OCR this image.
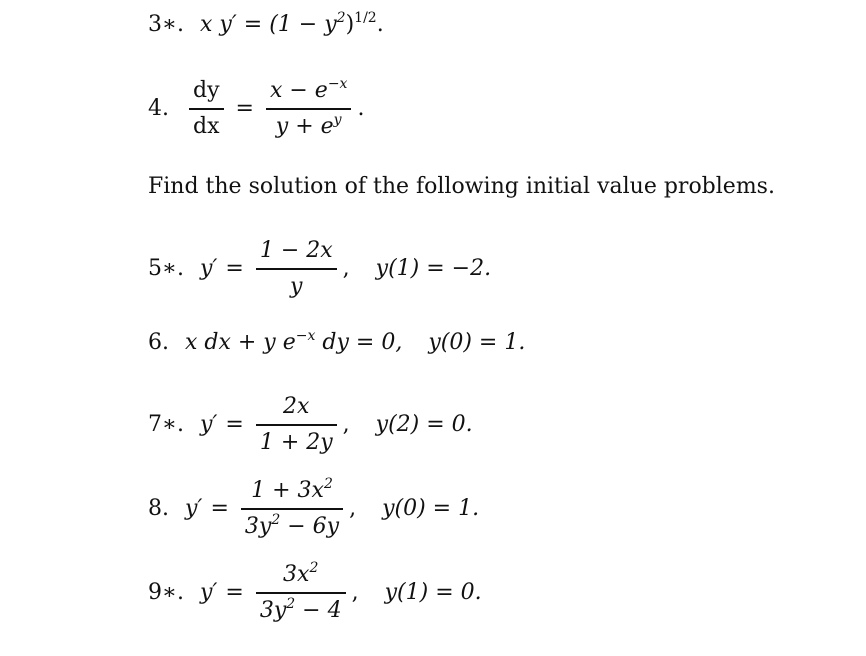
3∗. x $y' = (1 - y^2)^{1/2}$.
4. $\frac{dy}{dx} = \frac{x - e^{-x}}{y + e^y}$ .
Find the solution of the following initial value problems.
5∗. $y' = \frac{1 - 2x}{y}$ , y(1) = −2.
6. x dx + y $e^{-x}$ dy = 0, y(0) = 1.
7∗. $y' = \frac{2x}{1 + 2y}$ , y(2) = 0.
8. $y' = \frac{1 + 3x^2}{3y^2 - 6y}$ , y(0) = 1.
9∗. $y' = \frac{3x^2}{3y^2 - 4}$ , y(1) = 0.
